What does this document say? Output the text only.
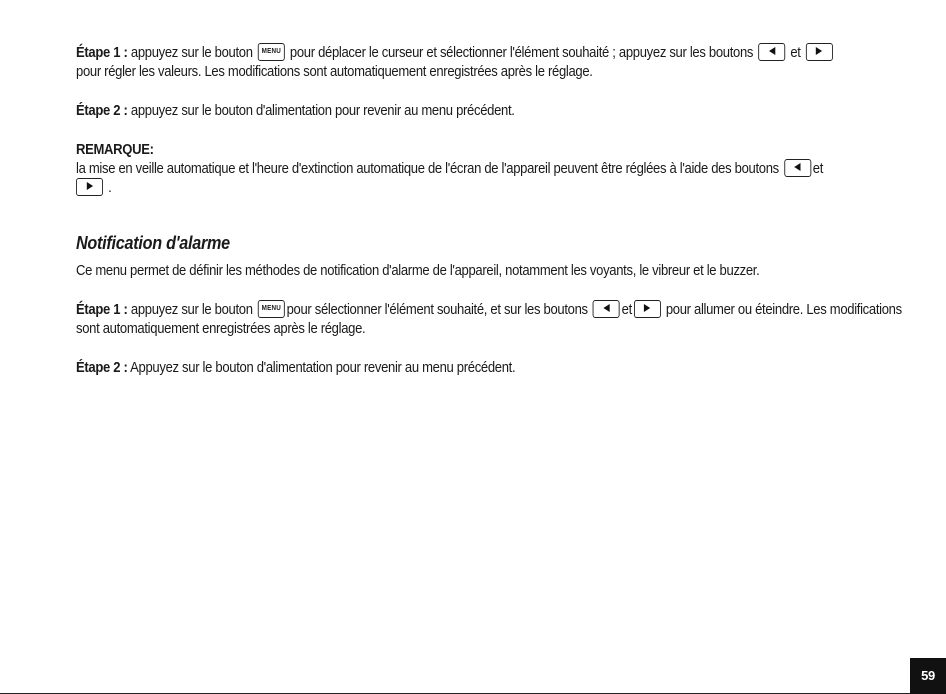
Étape 1 : appuyez sur le bouton MENU pour déplacer le curseur et sélectionner l'élément souhaité ; appuyez sur les boutons  et
pour régler les valeurs. Les modifications sont automatiquement enregistrées après le réglage.

Étape 2 : appuyez sur le bouton d'alimentation pour revenir au menu précédent.

REMARQUE:
la mise en veille automatique et l'heure d'extinction automatique de l'écran de l'appareil peuvent être réglées à l'aide des boutons et
.

Notification d'alarme

Ce menu permet de définir les méthodes de notification d'alarme de l'appareil, notamment les voyants, le vibreur et le buzzer.

Étape 1 : appuyez sur le bouton MENU pour sélectionner l'élément souhaité, et sur les boutons et pour allumer ou éteindre. Les modifications sont automatiquement enregistrées après le réglage.

Étape 2 : Appuyez sur le bouton d'alimentation pour revenir au menu précédent.

59
